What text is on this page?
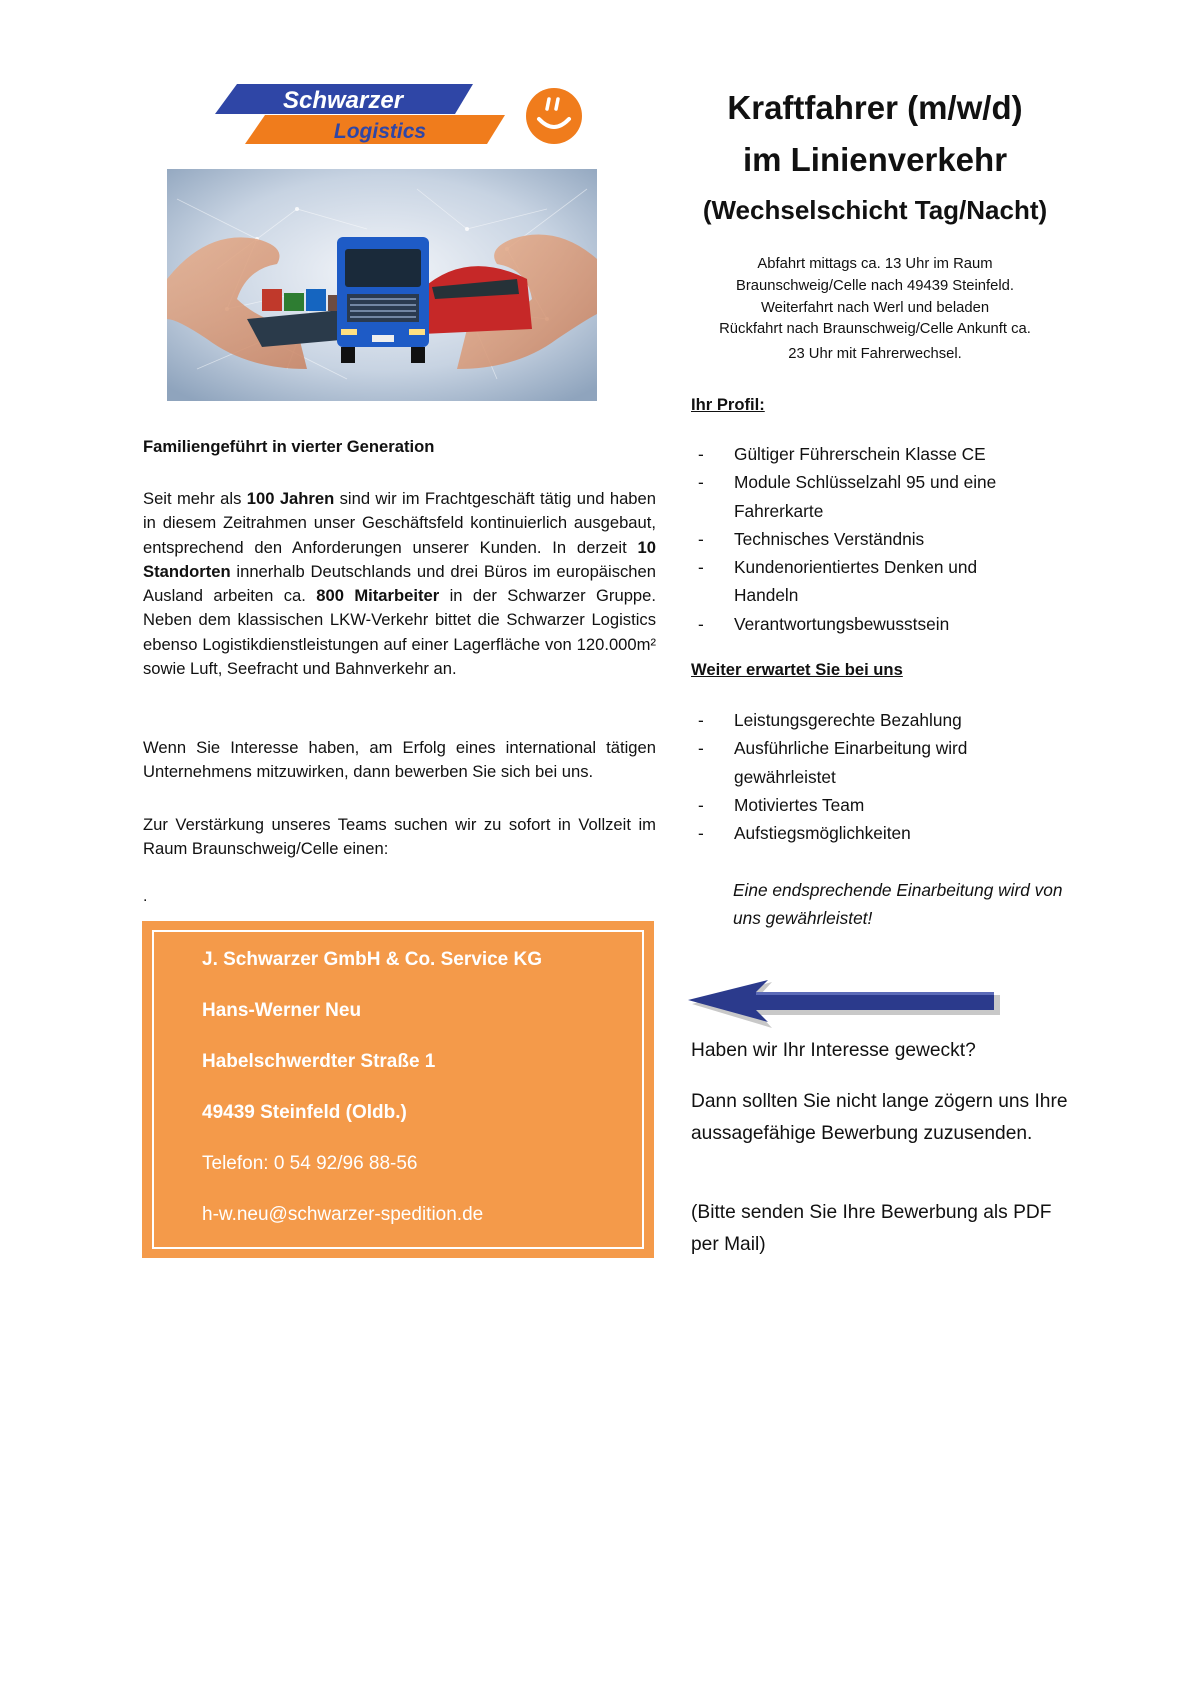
Schwarzer
Logistics
Familiengeführt in vierter Generation
Seit mehr als 100 Jahren sind wir im Frachtgeschäft tätig und haben in diesem Zeitrahmen unser Geschäftsfeld kontinuierlich ausgebaut, entsprechend den Anforderungen unserer Kunden. In derzeit 10 Standorten innerhalb Deutschlands und drei Büros im europäischen Ausland arbeiten ca. 800 Mitarbeiter in der Schwarzer Gruppe. Neben dem klassischen LKW-Verkehr bittet die Schwarzer Logistics ebenso Logistikdienstleistungen auf einer Lagerfläche von 120.000m² sowie Luft, Seefracht und Bahnverkehr an.
Wenn Sie Interesse haben, am Erfolg eines international tätigen Unternehmens mitzuwirken, dann bewerben Sie sich bei uns.
Zur Verstärkung unseres Teams suchen wir zu sofort in Vollzeit im Raum Braunschweig/Celle einen:
.
J. Schwarzer GmbH & Co. Service KG
Hans-Werner Neu
Habelschwerdter Straße 1
49439 Steinfeld (Oldb.)
Telefon: 0 54 92/96 88-56
h-w.neu@schwarzer-spedition.de
Kraftfahrer (m/w/d)
im Linienverkehr
(Wechselschicht Tag/Nacht)
Abfahrt mittags ca. 13 Uhr im Raum
Braunschweig/Celle nach 49439 Steinfeld.
Weiterfahrt nach Werl und beladen
Rückfahrt nach Braunschweig/Celle Ankunft ca.
23 Uhr mit Fahrerwechsel.
Ihr Profil:
- Gültiger Führerschein Klasse CE
- Module Schlüsselzahl 95 und eine Fahrerkarte
- Technisches Verständnis
- Kundenorientiertes Denken und Handeln
- Verantwortungsbewusstsein
Weiter erwartet Sie bei uns
- Leistungsgerechte Bezahlung
- Ausführliche Einarbeitung wird gewährleistet
- Motiviertes Team
- Aufstiegsmöglichkeiten
Eine endsprechende Einarbeitung wird von uns gewährleistet!
Haben wir Ihr Interesse geweckt?
Dann sollten Sie nicht lange zögern uns Ihre aussagefähige Bewerbung zuzusenden.
(Bitte senden Sie Ihre Bewerbung als PDF per Mail)
